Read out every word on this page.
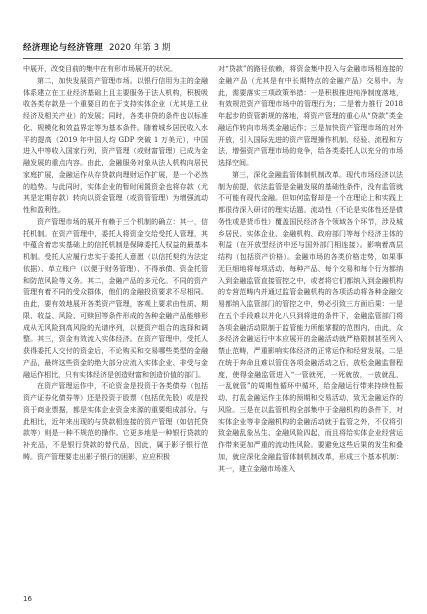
经济理论与经济管理 2020 年第 3 期

中展开，改变目前的集中在有形市场展开的状况。

第二，加快发展资产管理市场。以银行信用为主的金融体系建立在工业经济基础上且主要服务于法人机构，积极吸收各类存款是一个重要目的在于支持实体企业（尤其是工业经济及相关产业）的发展；同时，各类非贷的条件也以标准化、规模化和效益界定等为基本条件。随着城乡居民收入水平的提高（2019 年中国人均 GDP 突破 1 万美元），中国进入中等收入国家行列，资产管理（或财富管理）已成为金融发展的重点内容。由此，金融服务对象从法人机构向居民家庭扩展，金融运作从存贷款向理财运作扩展，是一个必然的趋势。与此同时，实体企业的暂时闲置资金也将存款（尤其是定期存款）转向以资金管理（或资管管理）为增强流动性和盈利性。

资产管理市场的展开有赖于三个机制的确立：其一，信托机制。在资产管理中，委托人将资金交给受托人管理，其中蕴含着忠实基础上的信托机制是保障委托人权益的最基本机制。受托人应履行忠实于委托人意愿（以信托契约为法定依据）、单立账户（以便于财务管理）、不得承债、资金托管和防范风险等义务。其二，金融产品的多元化。不同的资产管理有着不同的受众群体，他们的金融投资要求不尽相同。由此，要有效地展开各类资产管理，客观上要求由性质、期限、收益、风险、可赎回等条件形成的各种金融产品能够形成从无风险到高风险的光谱序列，以便资产组合的选择和调整。其三，资金有效流入实体经济。在资产管理中，受托人获得委托人交付的资金后，不论购买和交易哪些类型的金融产品，最终这些资金的绝大部分应流入实体企业、非受与金融运作相比，只有实体经济是创造财富和创造价值的部门。

在资产管理运作中，不论资金是投资于各类债券（包括资产证券化债券等）还是投资于股票（包括优先股）或是投资于商业票据，都是实体企业资金来源的重要组成部分。与此相比，近年来出现的与贷款相连接的资产管理（如信托贷款等）则是一种不规范的操作。它更多地是一种银行贷款的补充品，不是银行贷款的替代品，因此，属于影子银行范畴。资产管理要走出影子银行的困影，应应积极

对“贷款”的路径依赖，将资金集中投入与金融市场相连接的金融产品（尤其是有中长期特点的金融产品）交易中。为此，需要落实三项政策举措：一是积极推进纯净制度落地，有效规范资产管理市场中的管理行为；二是着力推行 2018 年起步的资管新规的落地，将资产管理的重心从“贷款”类金融运作转向市场类金融运作；三是加快资产管理市场的对外开放，引入国际先进的资产管理操作机制、经验、流程和方法，增强资产管理市场的竞争，给各类委托人以充分的市场选择空间。

第三，深化金融监管体制机制改革。现代市场经济以法制为前提，依法监管是金融发展的基础性条件，没有监管就不可能有现代金融。但如何监督却是一个在理论上和实践上都很待深入研讨的理实话题。流动性（不论是实体性还是债务性或是货币性）覆盖国民经济各个领域各个环节，涉及城乡居民、实体企业、金融机构、政府部门等每个经济主体的利益（在开放型经济中还与国外部门相连接）。影响着高层结构（包括资产价格）。金融市场的各类价格走势，如果事无巨细地将每项活动、每种产品、每个交易和每个行为都纳入到金融监管直接管控之中，或者将它们都纳入到金融机构的专营范畴内并通过监管金融机构的各项活动将各种金融交易都纳入监管部门的管控之中，势必引致三方面后果：一是在五个手段难以并化八只到将进的条件下，金融监管部门将各项金融活动限制于监管能力所能掌握的范围内，由此，众多经济金融运行中本应展开的金融活动就严格限制甚至列入禁止范畴，严重影响实体经济的正常运作和经营发展。二是在统于奔命且难以管住各项金融活动之后，放松金融监督程度，使得金融监管进入“一管就死，一死就放，一放就乱，一乱就管”的周期性循环中循环，给金融运行带来持续性振动，打乱金融运作主体的预期和交易活动，致无金融运作的风险。三是在以监管机构全部集中于金融机构的条件下，对实体企业等非金融机构的金融活动就于监管之外，不仅将引致金融乱象丛生、金融风险四起，而且将给实体企业经营运作带来更加严重的流动性风险。要避免这些后果的发生和叠加，就应深化金融监管体制机制改革，形成三个基本机制：其一，建立金融市场准入

16
